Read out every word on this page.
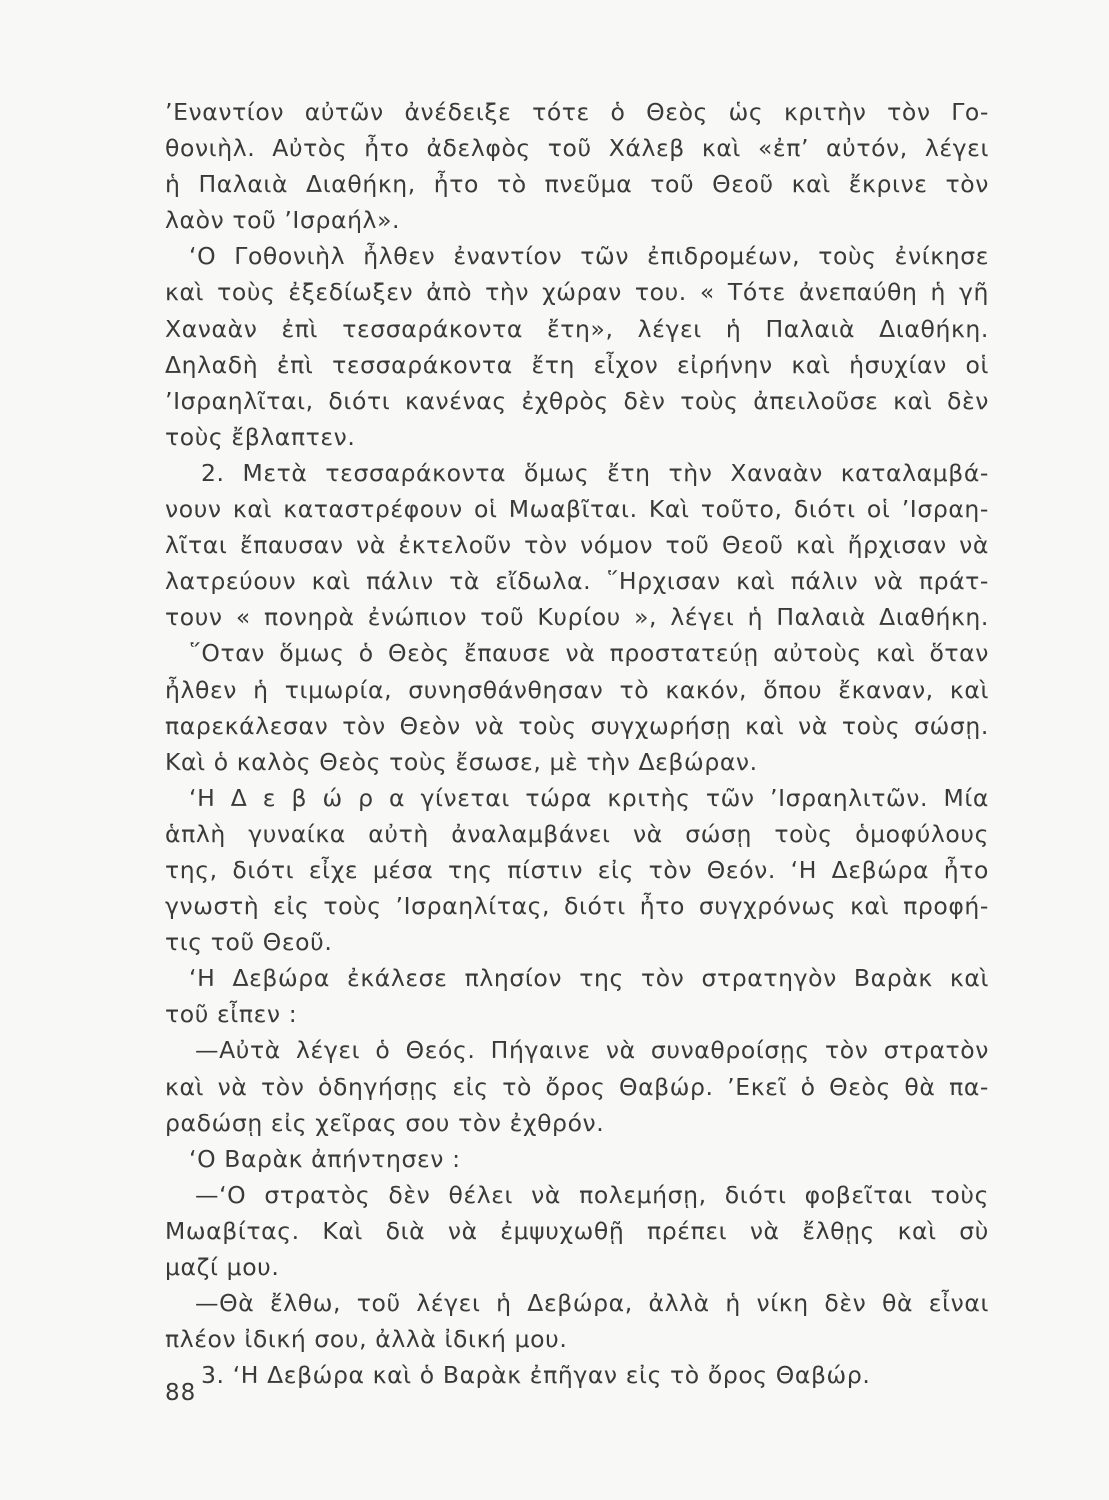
’Εναντίον αὐτῶν ἀνέδειξε τότε ὁ Θεὸς ὡς κριτὴν τὸν Γο-
θονιὴλ. Αὐτὸς ἦτο ἀδελφὸς τοῦ Χάλεβ καὶ «ἐπ’ αὐτόν, λέγει
ἡ Παλαιὰ Διαθήκη, ἦτο τὸ πνεῦμα τοῦ Θεοῦ καὶ ἔκρινε τὸν
λαὸν τοῦ ’Ισραήλ».
‘Ο Γοθονιὴλ ἦλθεν ἐναντίον τῶν ἐπιδρομέων, τοὺς ἐνίκησε
καὶ τοὺς ἐξεδίωξεν ἀπὸ τὴν χώραν του. « Τότε ἀνεπαύθη ἡ γῆ
Χαναὰν ἐπὶ τεσσαράκοντα ἔτη», λέγει ἡ Παλαιὰ Διαθήκη.
Δηλαδὴ ἐπὶ τεσσαράκοντα ἔτη εἶχον εἰρήνην καὶ ἡσυχίαν οἱ
’Ισραηλῖται, διότι κανένας ἐχθρὸς δὲν τοὺς ἀπειλοῦσε καὶ δὲν
τοὺς ἔβλαπτεν.
2. Μετὰ τεσσαράκοντα ὅμως ἔτη τὴν Χαναὰν καταλαμβά-
νουν καὶ καταστρέφουν οἱ Μωαβῖται. Καὶ τοῦτο, διότι οἱ ’Ισραη-
λῖται ἔπαυσαν νὰ ἐκτελοῦν τὸν νόμον τοῦ Θεοῦ καὶ ἤρχισαν νὰ
λατρεύουν καὶ πάλιν τὰ εἴδωλα. ῞Ηρχισαν καὶ πάλιν νὰ πράτ-
τουν « πονηρὰ ἐνώπιον τοῦ Κυρίου », λέγει ἡ Παλαιὰ Διαθήκη.
῞Οταν ὅμως ὁ Θεὸς ἔπαυσε νὰ προστατεύῃ αὐτοὺς καὶ ὅταν
ἦλθεν ἡ τιμωρία, συνησθάνθησαν τὸ κακόν, ὅπου ἔκαναν, καὶ
παρεκάλεσαν τὸν Θεὸν νὰ τοὺς συγχωρήσῃ καὶ νὰ τοὺς σώσῃ.
Καὶ ὁ καλὸς Θεὸς τοὺς ἔσωσε, μὲ τὴν Δεβώραν.
‘Η Δ ε β ώ ρ α γίνεται τώρα κριτὴς τῶν ’Ισραηλιτῶν. Μία
ἁπλὴ γυναίκα αὐτὴ ἀναλαμβάνει νὰ σώσῃ τοὺς ὁμοφύλους
της, διότι εἶχε μέσα της πίστιν εἰς τὸν Θεόν. ‘Η Δεβώρα ἦτο
γνωστὴ εἰς τοὺς ’Ισραηλίτας, διότι ἦτο συγχρόνως καὶ προφή-
τις τοῦ Θεοῦ.
‘Η Δεβώρα ἐκάλεσε πλησίον της τὸν στρατηγὸν Βαρὰκ καὶ
τοῦ εἶπεν :
—Αὐτὰ λέγει ὁ Θεός. Πήγαινε νὰ συναθροίσῃς τὸν στρατὸν
καὶ νὰ τὸν ὁδηγήσῃς εἰς τὸ ὄρος Θαβώρ. ’Εκεῖ ὁ Θεὸς θὰ πα-
ραδώσῃ εἰς χεῖρας σου τὸν ἐχθρόν.
‘Ο Βαρὰκ ἀπήντησεν :
—‘Ο στρατὸς δὲν θέλει νὰ πολεμήσῃ, διότι φοβεῖται τοὺς
Μωαβίτας. Καὶ διὰ νὰ ἐμψυχωθῇ πρέπει νὰ ἔλθῃς καὶ σὺ
μαζί μου.
—Θὰ ἔλθω, τοῦ λέγει ἡ Δεβώρα, ἀλλὰ ἡ νίκη δὲν θὰ εἶναι
πλέον ἰδική σου, ἀλλὰ ἰδική μου.
3. ‘Η Δεβώρα καὶ ὁ Βαρὰκ ἐπῆγαν εἰς τὸ ὄρος Θαβώρ.
88
